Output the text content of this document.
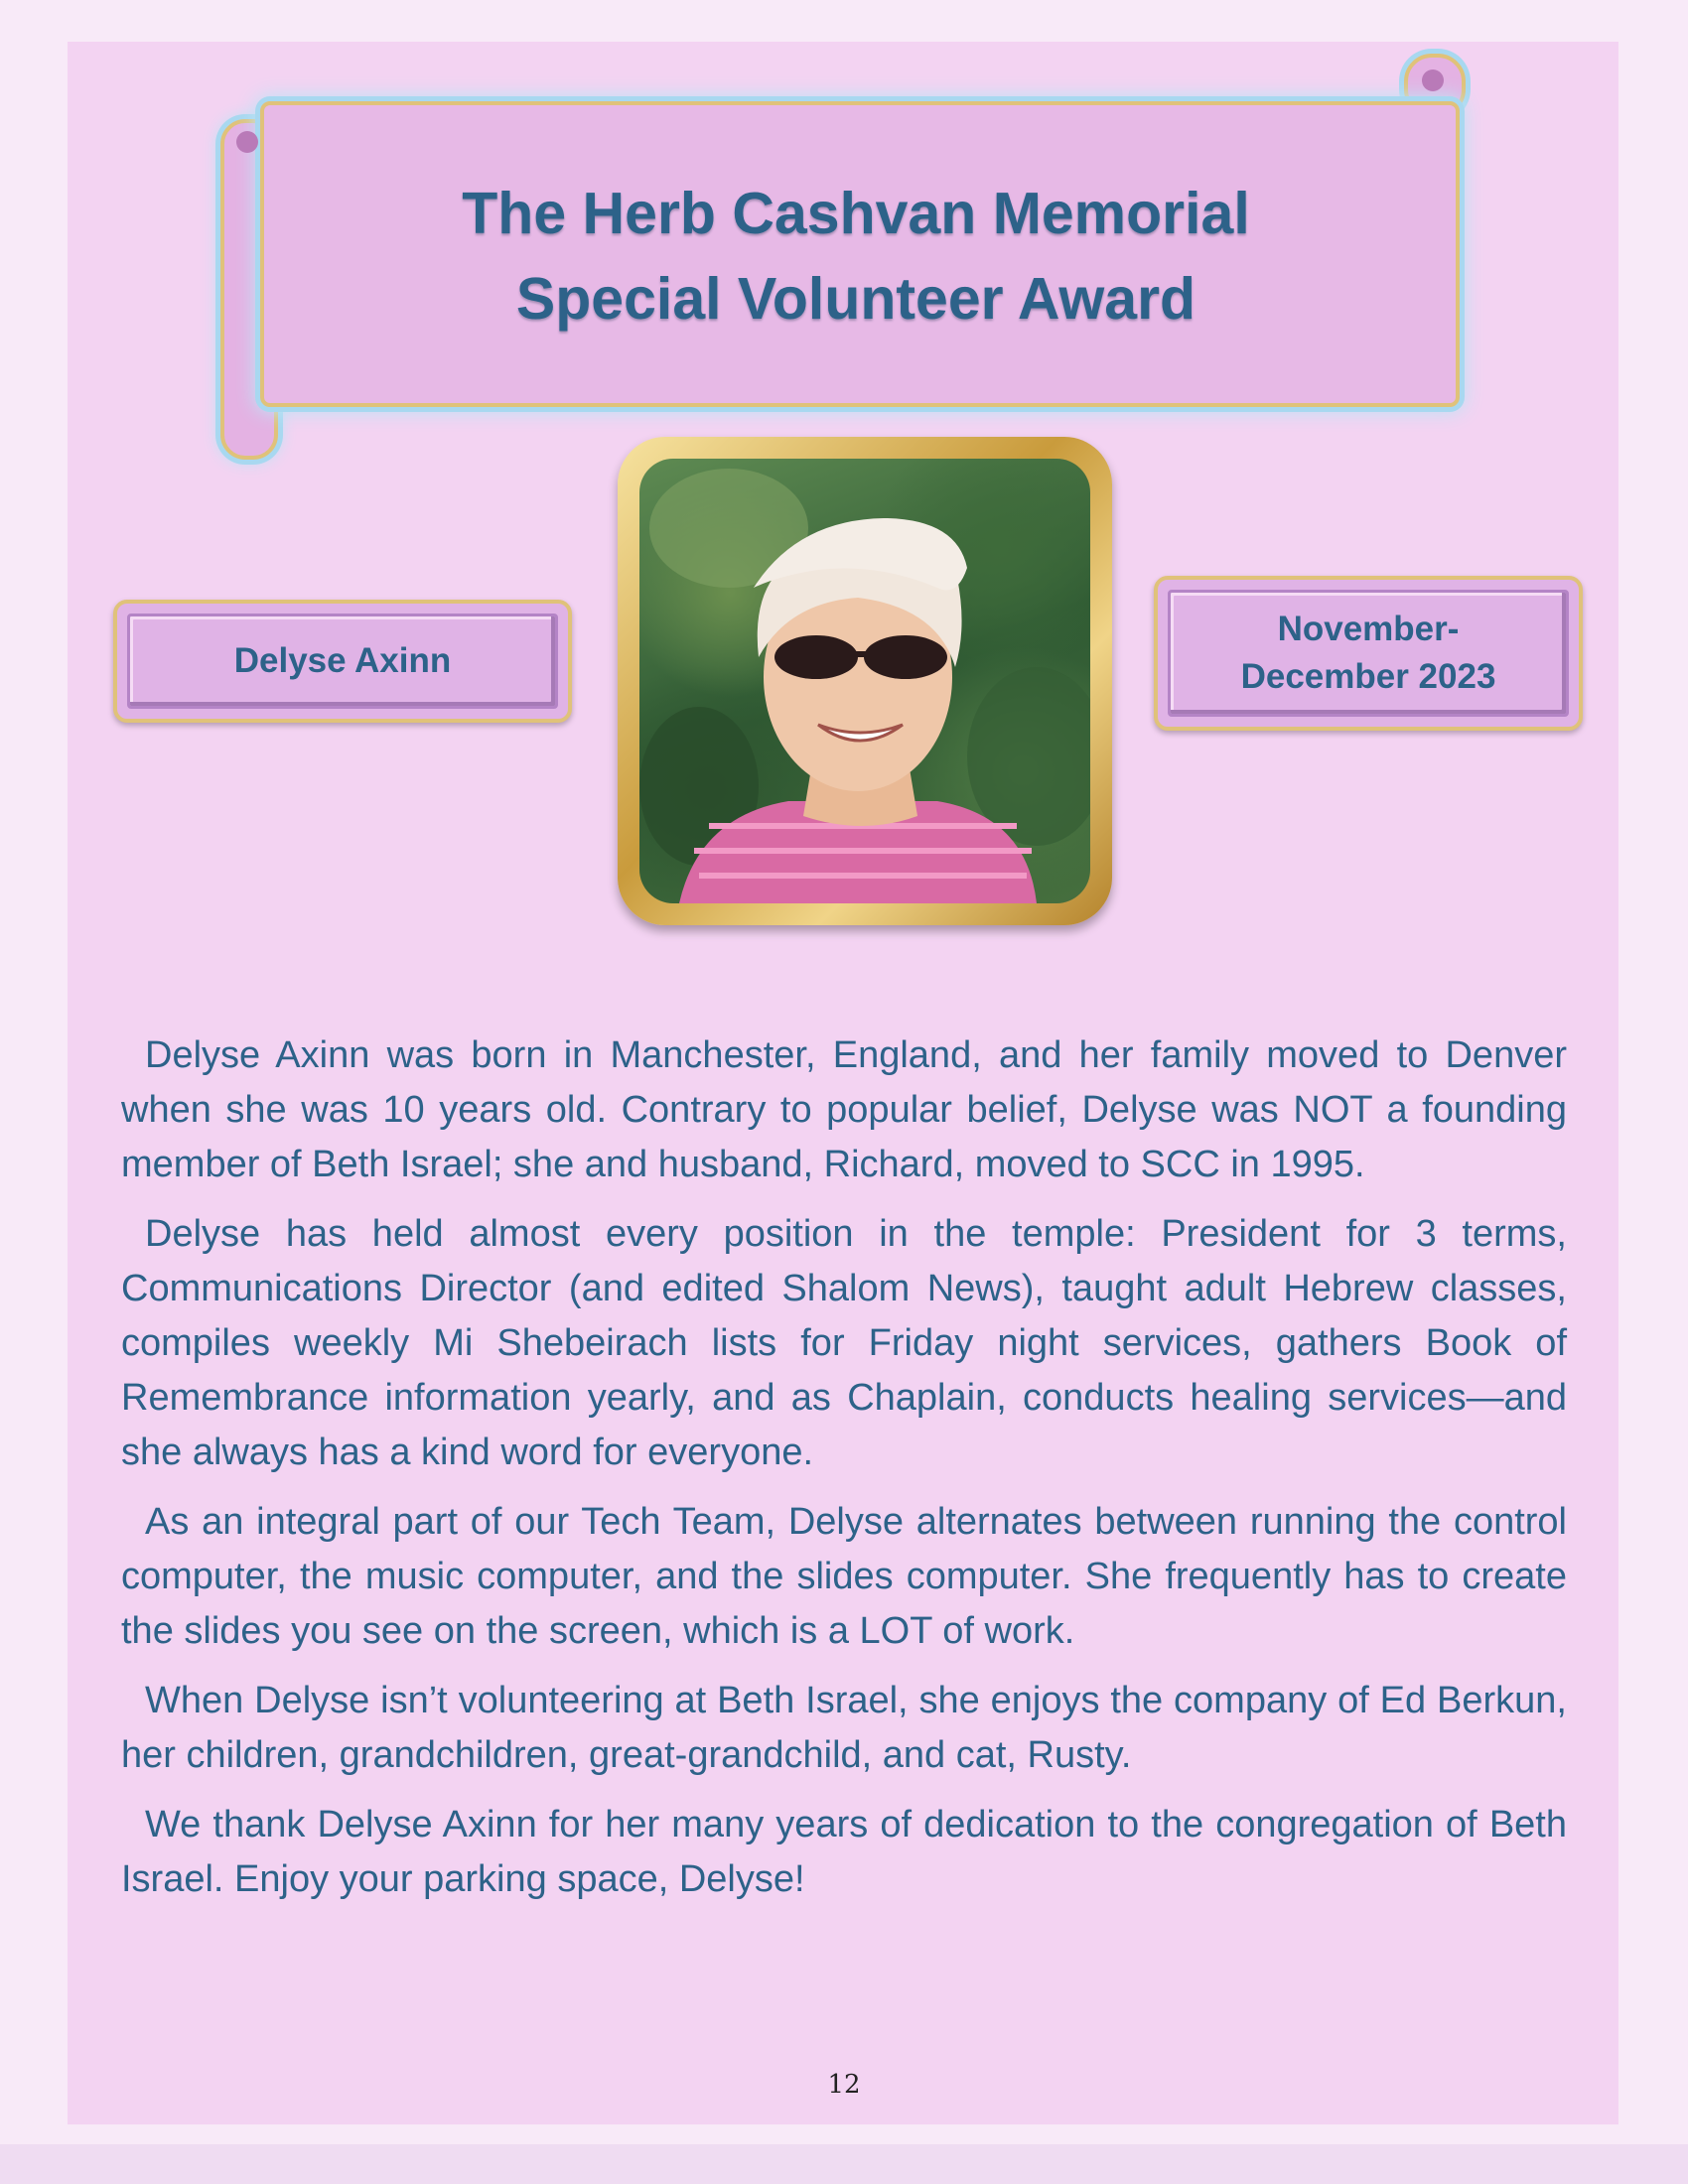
The Herb Cashvan Memorial
Special Volunteer Award
Delyse Axinn
November-
December 2023

Delyse Axinn was born in Manchester, England, and her family moved to Denver when she was 10 years old. Contrary to popular belief, Delyse was NOT a founding member of Beth Israel; she and husband, Richard, moved to SCC in 1995.

Delyse has held almost every position in the temple: President for 3 terms, Communications Director (and edited Shalom News), taught adult Hebrew classes, compiles weekly Mi Shebeirach lists for Friday night services, gathers Book of Remembrance information yearly, and as Chaplain, conducts healing services—and she always has a kind word for everyone.

As an integral part of our Tech Team, Delyse alternates between running the control computer, the music computer, and the slides computer. She frequently has to create the slides you see on the screen, which is a LOT of work.

When Delyse isn’t volunteering at Beth Israel, she enjoys the company of Ed Berkun, her children, grandchildren, great-grandchild, and cat, Rusty.

We thank Delyse Axinn for her many years of dedication to the congregation of Beth Israel. Enjoy your parking space, Delyse!

12
